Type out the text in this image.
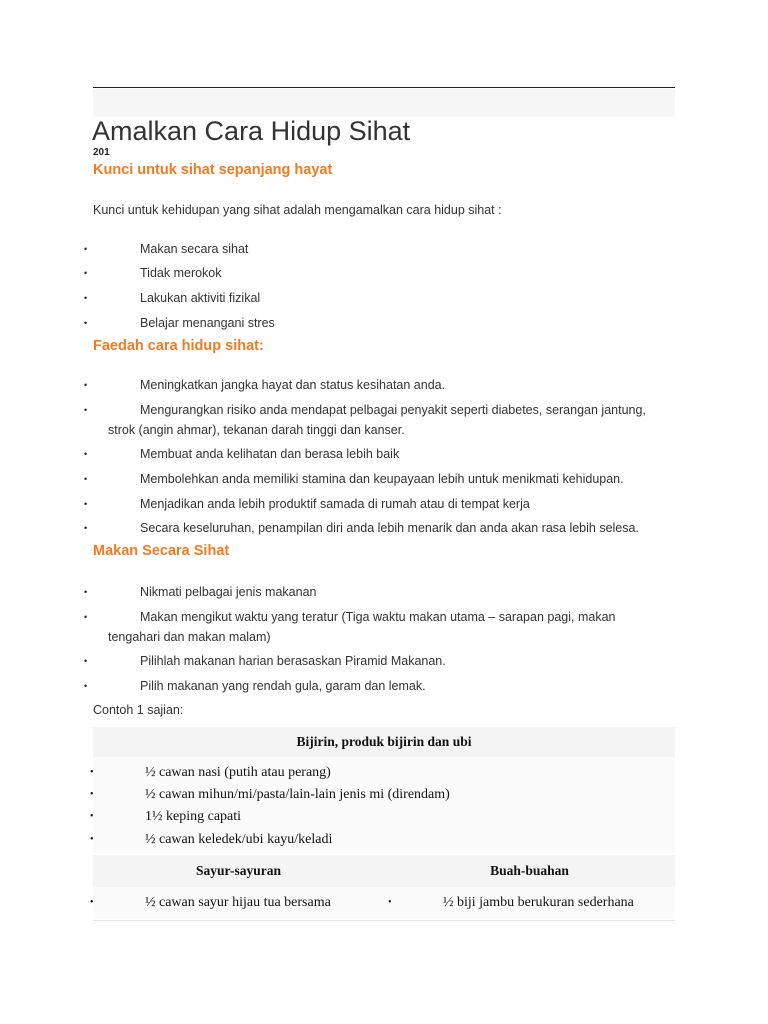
Amalkan Cara Hidup Sihat
201
Kunci untuk sihat sepanjang hayat
Kunci untuk kehidupan yang sihat adalah mengamalkan cara hidup sihat :
•	Makan secara sihat
•	Tidak merokok
•	Lakukan aktiviti fizikal
•	Belajar menangani stres
Faedah cara hidup sihat:
•	Meningkatkan jangka hayat dan status kesihatan anda.
•	Mengurangkan risiko anda mendapat pelbagai penyakit seperti diabetes, serangan jantung,
strok (angin ahmar), tekanan darah tinggi dan kanser.
•	Membuat anda kelihatan dan berasa lebih baik
•	Membolehkan anda memiliki stamina dan keupayaan lebih untuk menikmati kehidupan.
•	Menjadikan anda lebih produktif samada di rumah atau di tempat kerja
•	Secara keseluruhan, penampilan diri anda lebih menarik dan anda akan rasa lebih selesa.
Makan Secara Sihat
•	Nikmati pelbagai jenis makanan
•	Makan mengikut waktu yang teratur (Tiga waktu makan utama – sarapan pagi, makan
tengahari dan makan malam)
•	Pilihlah makanan harian berasaskan Piramid Makanan.
•	Pilih makanan yang rendah gula, garam dan lemak.
Contoh 1 sajian:
Bijirin, produk bijirin dan ubi
•	½ cawan nasi (putih atau perang)
•	½ cawan mihun/mi/pasta/lain-lain jenis mi (direndam)
•	1½ keping capati
•	½ cawan keledek/ubi kayu/keladi
Sayur-sayuran	Buah-buahan
•	½ cawan sayur hijau tua bersama	•	½ biji jambu berukuran sederhana
